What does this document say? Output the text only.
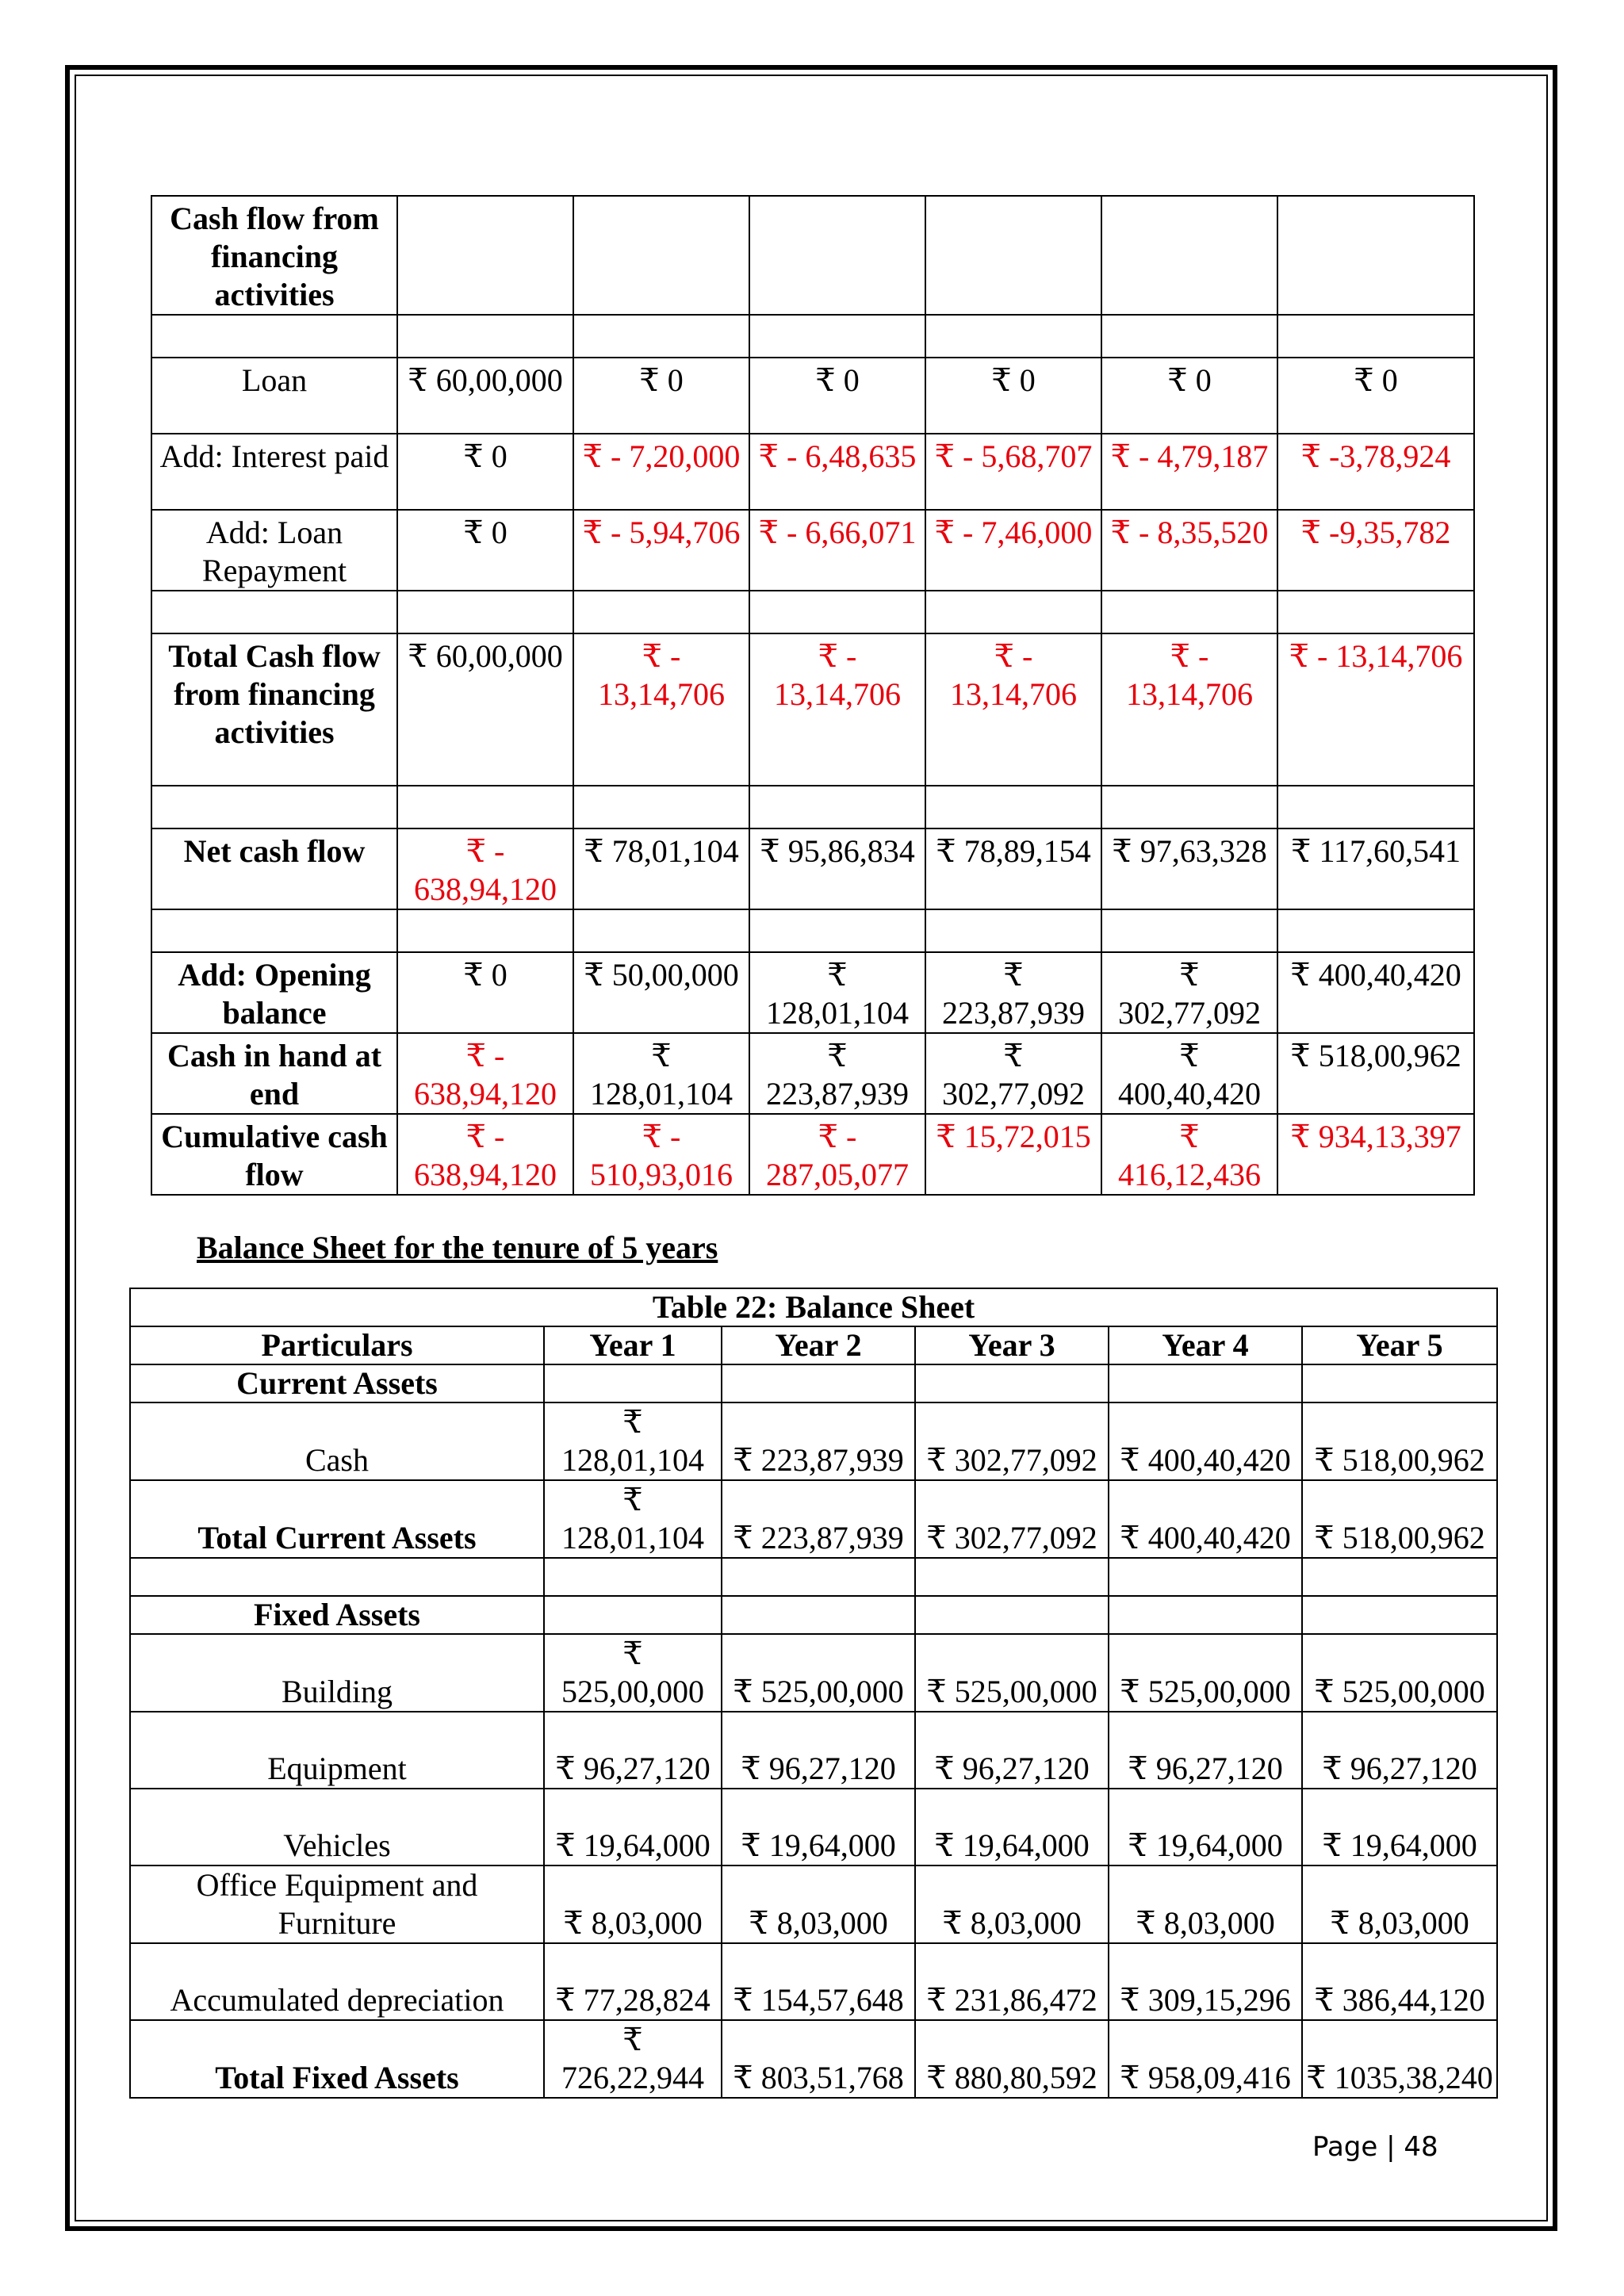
Cash flow from financing activities						

Loan	₹ 60,00,000	₹ 0	₹ 0	₹ 0	₹ 0	₹ 0
Add: Interest paid	₹ 0	₹ - 7,20,000	₹ - 6,48,635	₹ - 5,68,707	₹ - 4,79,187	₹ -3,78,924
Add: Loan Repayment	₹ 0	₹ - 5,94,706	₹ - 6,66,071	₹ - 7,46,000	₹ - 8,35,520	₹ -9,35,782

Total Cash flow from financing activities	₹ 60,00,000	₹ - 13,14,706	₹ - 13,14,706	₹ - 13,14,706	₹ - 13,14,706	₹ - 13,14,706

Net cash flow	₹ - 638,94,120	₹ 78,01,104	₹ 95,86,834	₹ 78,89,154	₹ 97,63,328	₹ 117,60,541

Add: Opening balance	₹ 0	₹ 50,00,000	₹ 128,01,104	₹ 223,87,939	₹ 302,77,092	₹ 400,40,420
Cash in hand at end	₹ - 638,94,120	₹ 128,01,104	₹ 223,87,939	₹ 302,77,092	₹ 400,40,420	₹ 518,00,962
Cumulative cash flow	₹ - 638,94,120	₹ - 510,93,016	₹ - 287,05,077	₹ 15,72,015	₹ 416,12,436	₹ 934,13,397
Balance Sheet for the tenure of 5 years
Table 22: Balance Sheet					
Particulars	Year 1	Year 2	Year 3	Year 4	Year 5
Current Assets					
Cash	₹ 128,01,104	₹ 223,87,939	₹ 302,77,092	₹ 400,40,420	₹ 518,00,962
Total Current Assets	₹ 128,01,104	₹ 223,87,939	₹ 302,77,092	₹ 400,40,420	₹ 518,00,962

Fixed Assets					
Building	₹ 525,00,000	₹ 525,00,000	₹ 525,00,000	₹ 525,00,000	₹ 525,00,000
Equipment	₹ 96,27,120	₹ 96,27,120	₹ 96,27,120	₹ 96,27,120	₹ 96,27,120
Vehicles	₹ 19,64,000	₹ 19,64,000	₹ 19,64,000	₹ 19,64,000	₹ 19,64,000
Office Equipment and Furniture	₹ 8,03,000	₹ 8,03,000	₹ 8,03,000	₹ 8,03,000	₹ 8,03,000
Accumulated depreciation	₹ 77,28,824	₹ 154,57,648	₹ 231,86,472	₹ 309,15,296	₹ 386,44,120
Total Fixed Assets	₹ 726,22,944	₹ 803,51,768	₹ 880,80,592	₹ 958,09,416	₹ 1035,38,240
Page | 48
